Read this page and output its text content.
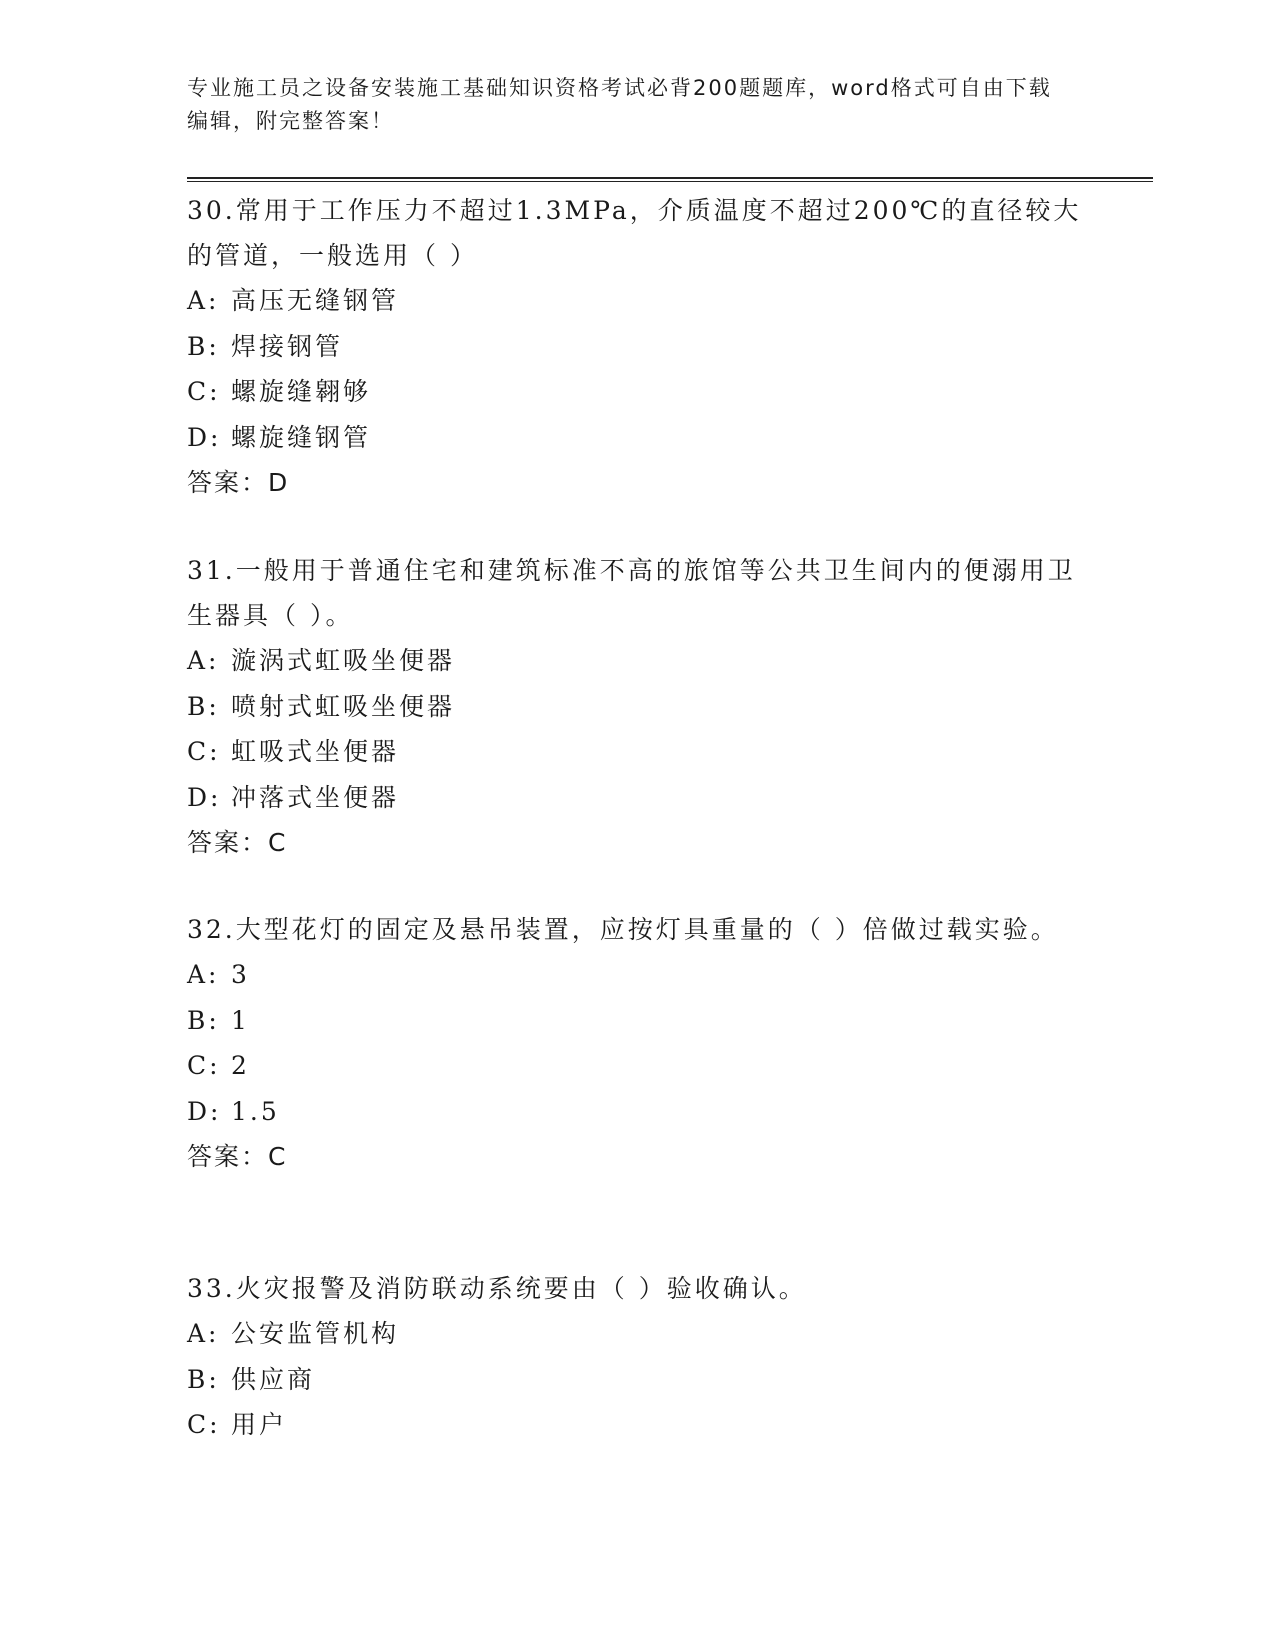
专业施工员之设备安装施工基础知识资格考试必背200题题库，word格式可自由下载编辑，附完整答案！

30.常用于工作压力不超过1.3MPa，介质温度不超过200℃的直径较大的管道，一般选用（ ）

A: 高压无缝钢管

B: 焊接钢管

C: 螺旋缝翱够

D: 螺旋缝钢管

答案：D

31.一般用于普通住宅和建筑标准不高的旅馆等公共卫生间内的便溺用卫生器具（ ）。

A: 漩涡式虹吸坐便器

B: 喷射式虹吸坐便器

C: 虹吸式坐便器

D: 冲落式坐便器

答案：C

32.大型花灯的固定及悬吊装置，应按灯具重量的（ ）倍做过载实验。

A: 3

B: 1

C: 2

D: 1.5

答案：C

33.火灾报警及消防联动系统要由（ ）验收确认。

A: 公安监管机构

B: 供应商

C: 用户
